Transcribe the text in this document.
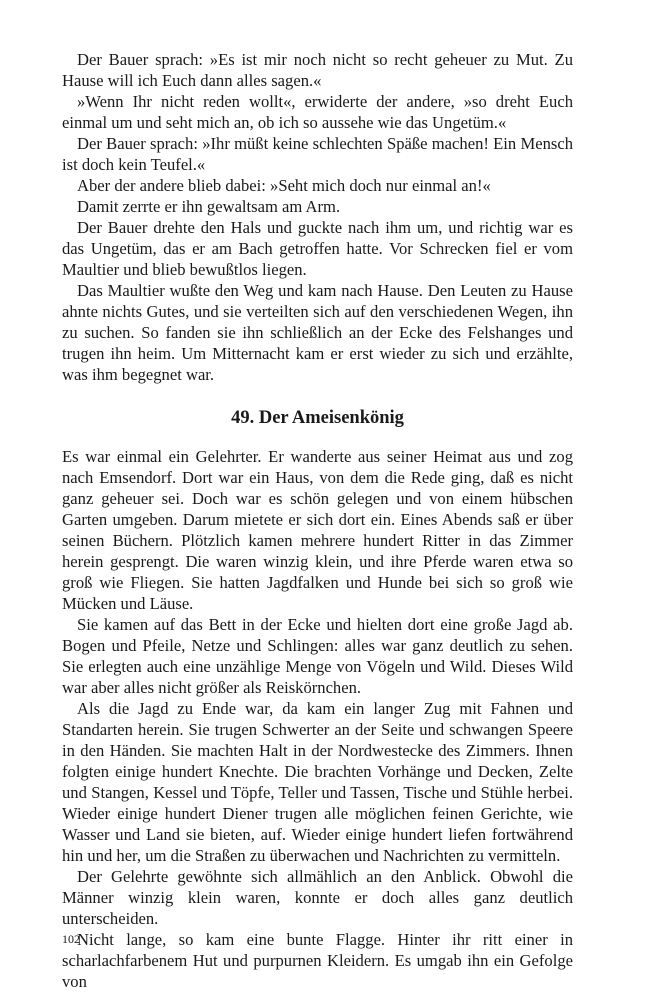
Der Bauer sprach: »Es ist mir noch nicht so recht geheuer zu Mut. Zu Hause will ich Euch dann alles sagen.«

»Wenn Ihr nicht reden wollt«, erwiderte der andere, »so dreht Euch einmal um und seht mich an, ob ich so aussehe wie das Ungetüm.«

Der Bauer sprach: »Ihr müßt keine schlechten Späße machen! Ein Mensch ist doch kein Teufel.«

Aber der andere blieb dabei: »Seht mich doch nur einmal an!«

Damit zerrte er ihn gewaltsam am Arm.

Der Bauer drehte den Hals und guckte nach ihm um, und richtig war es das Ungetüm, das er am Bach getroffen hatte. Vor Schrecken fiel er vom Maultier und blieb bewußtlos liegen.

Das Maultier wußte den Weg und kam nach Hause. Den Leuten zu Hause ahnte nichts Gutes, und sie verteilten sich auf den verschiedenen Wegen, ihn zu suchen. So fanden sie ihn schließlich an der Ecke des Felshanges und trugen ihn heim. Um Mitternacht kam er erst wieder zu sich und erzählte, was ihm begegnet war.

49. Der Ameisenkönig

Es war einmal ein Gelehrter. Er wanderte aus seiner Heimat aus und zog nach Emsendorf. Dort war ein Haus, von dem die Rede ging, daß es nicht ganz geheuer sei. Doch war es schön gelegen und von einem hübschen Garten umgeben. Darum mietete er sich dort ein. Eines Abends saß er über seinen Büchern. Plötzlich kamen mehrere hundert Ritter in das Zimmer herein gesprengt. Die waren winzig klein, und ihre Pferde waren etwa so groß wie Fliegen. Sie hatten Jagdfalken und Hunde bei sich so groß wie Mücken und Läuse.

Sie kamen auf das Bett in der Ecke und hielten dort eine große Jagd ab. Bogen und Pfeile, Netze und Schlingen: alles war ganz deutlich zu sehen. Sie erlegten auch eine unzählige Menge von Vögeln und Wild. Dieses Wild war aber alles nicht größer als Reiskörnchen.

Als die Jagd zu Ende war, da kam ein langer Zug mit Fahnen und Standarten herein. Sie trugen Schwerter an der Seite und schwangen Speere in den Händen. Sie machten Halt in der Nordwestecke des Zimmers. Ihnen folgten einige hundert Knechte. Die brachten Vorhänge und Decken, Zelte und Stangen, Kessel und Töpfe, Teller und Tassen, Tische und Stühle herbei. Wieder einige hundert Diener trugen alle möglichen feinen Gerichte, wie Wasser und Land sie bieten, auf. Wieder einige hundert liefen fortwährend hin und her, um die Straßen zu überwachen und Nachrichten zu vermitteln.

Der Gelehrte gewöhnte sich allmählich an den Anblick. Obwohl die Männer winzig klein waren, konnte er doch alles ganz deutlich unterscheiden.

Nicht lange, so kam eine bunte Flagge. Hinter ihr ritt einer in scharlachfarbenem Hut und purpurnen Kleidern. Es umgab ihn ein Gefolge von

102
